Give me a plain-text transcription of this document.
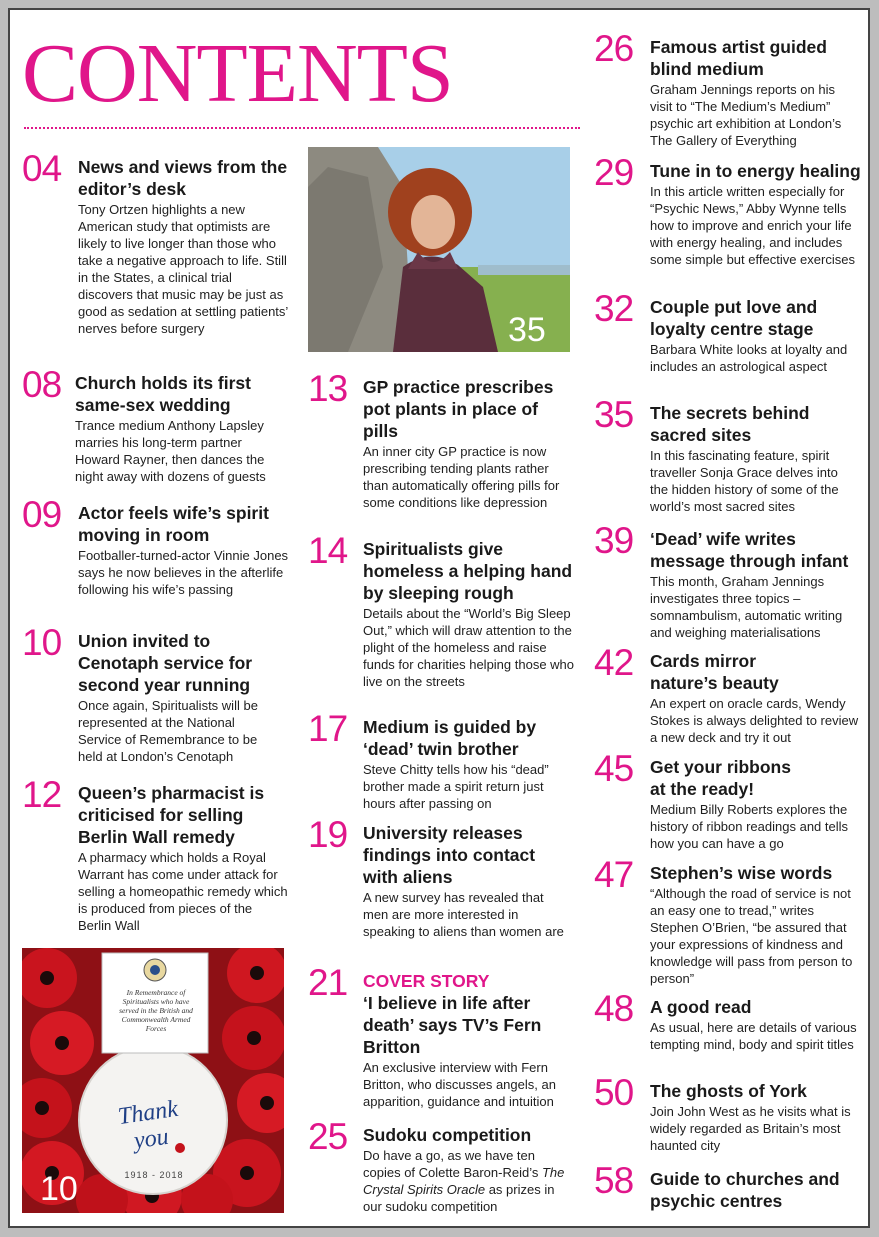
CONTENTS
04 News and views from the editor’s desk
Tony Ortzen highlights a new American study that optimists are likely to live longer than those who take a negative approach to life. Still in the States, a clinical trial discovers that music may be just as good as sedation at settling patients’ nerves before surgery
08 Church holds its first same-sex wedding
Trance medium Anthony Lapsley marries his long-term partner Howard Rayner, then dances the night away with dozens of guests
09 Actor feels wife’s spirit moving in room
Footballer-turned-actor Vinnie Jones says he now believes in the afterlife following his wife’s passing
10 Union invited to Cenotaph service for second year running
Once again, Spiritualists will be represented at the National Service of Remembrance to be held at London’s Cenotaph
12 Queen’s pharmacist is criticised for selling Berlin Wall remedy
A pharmacy which holds a Royal Warrant has come under attack for selling a homeopathic remedy which is produced from pieces of the Berlin Wall
In Remembrance of Spiritualists who have served in the British and Commonwealth Armed Forces
Thank
you
1918 - 2018
10
35
13 GP practice prescribes pot plants in place of pills
An inner city GP practice is now prescribing tending plants rather than automatically offering pills for some conditions like depression
14 Spiritualists give homeless a helping hand by sleeping rough
Details about the “World’s Big Sleep Out,” which will draw attention to the plight of the homeless and raise funds for charities helping those who live on the streets
17 Medium is guided by ‘dead’ twin brother
Steve Chitty tells how his “dead” brother made a spirit return just hours after passing on
19 University releases findings into contact with aliens
A new survey has revealed that men are more interested in speaking to aliens than women are
21 COVER STORY
‘I believe in life after death’ says TV’s Fern Britton
An exclusive interview with Fern Britton, who discusses angels, an apparition, guidance and intuition
25 Sudoku competition
Do have a go, as we have ten copies of Colette Baron-Reid’s The Crystal Spirits Oracle as prizes in our sudoku competition
26 Famous artist guided blind medium
Graham Jennings reports on his visit to “The Medium’s Medium” psychic art exhibition at London’s The Gallery of Everything
29 Tune in to energy healing
In this article written especially for “Psychic News,” Abby Wynne tells how to improve and enrich your life with energy healing, and includes some simple but effective exercises
32 Couple put love and loyalty centre stage
Barbara White looks at loyalty and includes an astrological aspect
35 The secrets behind sacred sites
In this fascinating feature, spirit traveller Sonja Grace delves into the hidden history of some of the world’s most sacred sites
39 ‘Dead’ wife writes message through infant
This month, Graham Jennings investigates three topics – somnambulism, automatic writing and weighing materialisations
42 Cards mirror nature’s beauty
An expert on oracle cards, Wendy Stokes is always delighted to review a new deck and try it out
45 Get your ribbons at the ready!
Medium Billy Roberts explores the history of ribbon readings and tells how you can have a go
47 Stephen’s wise words
“Although the road of service is not an easy one to tread,” writes Stephen O’Brien, “be assured that your expressions of kindness and knowledge will pass from person to person”
48 A good read
As usual, here are details of various tempting mind, body and spirit titles
50 The ghosts of York
Join John West as he visits what is widely regarded as Britain’s most haunted city
58 Guide to churches and psychic centres
